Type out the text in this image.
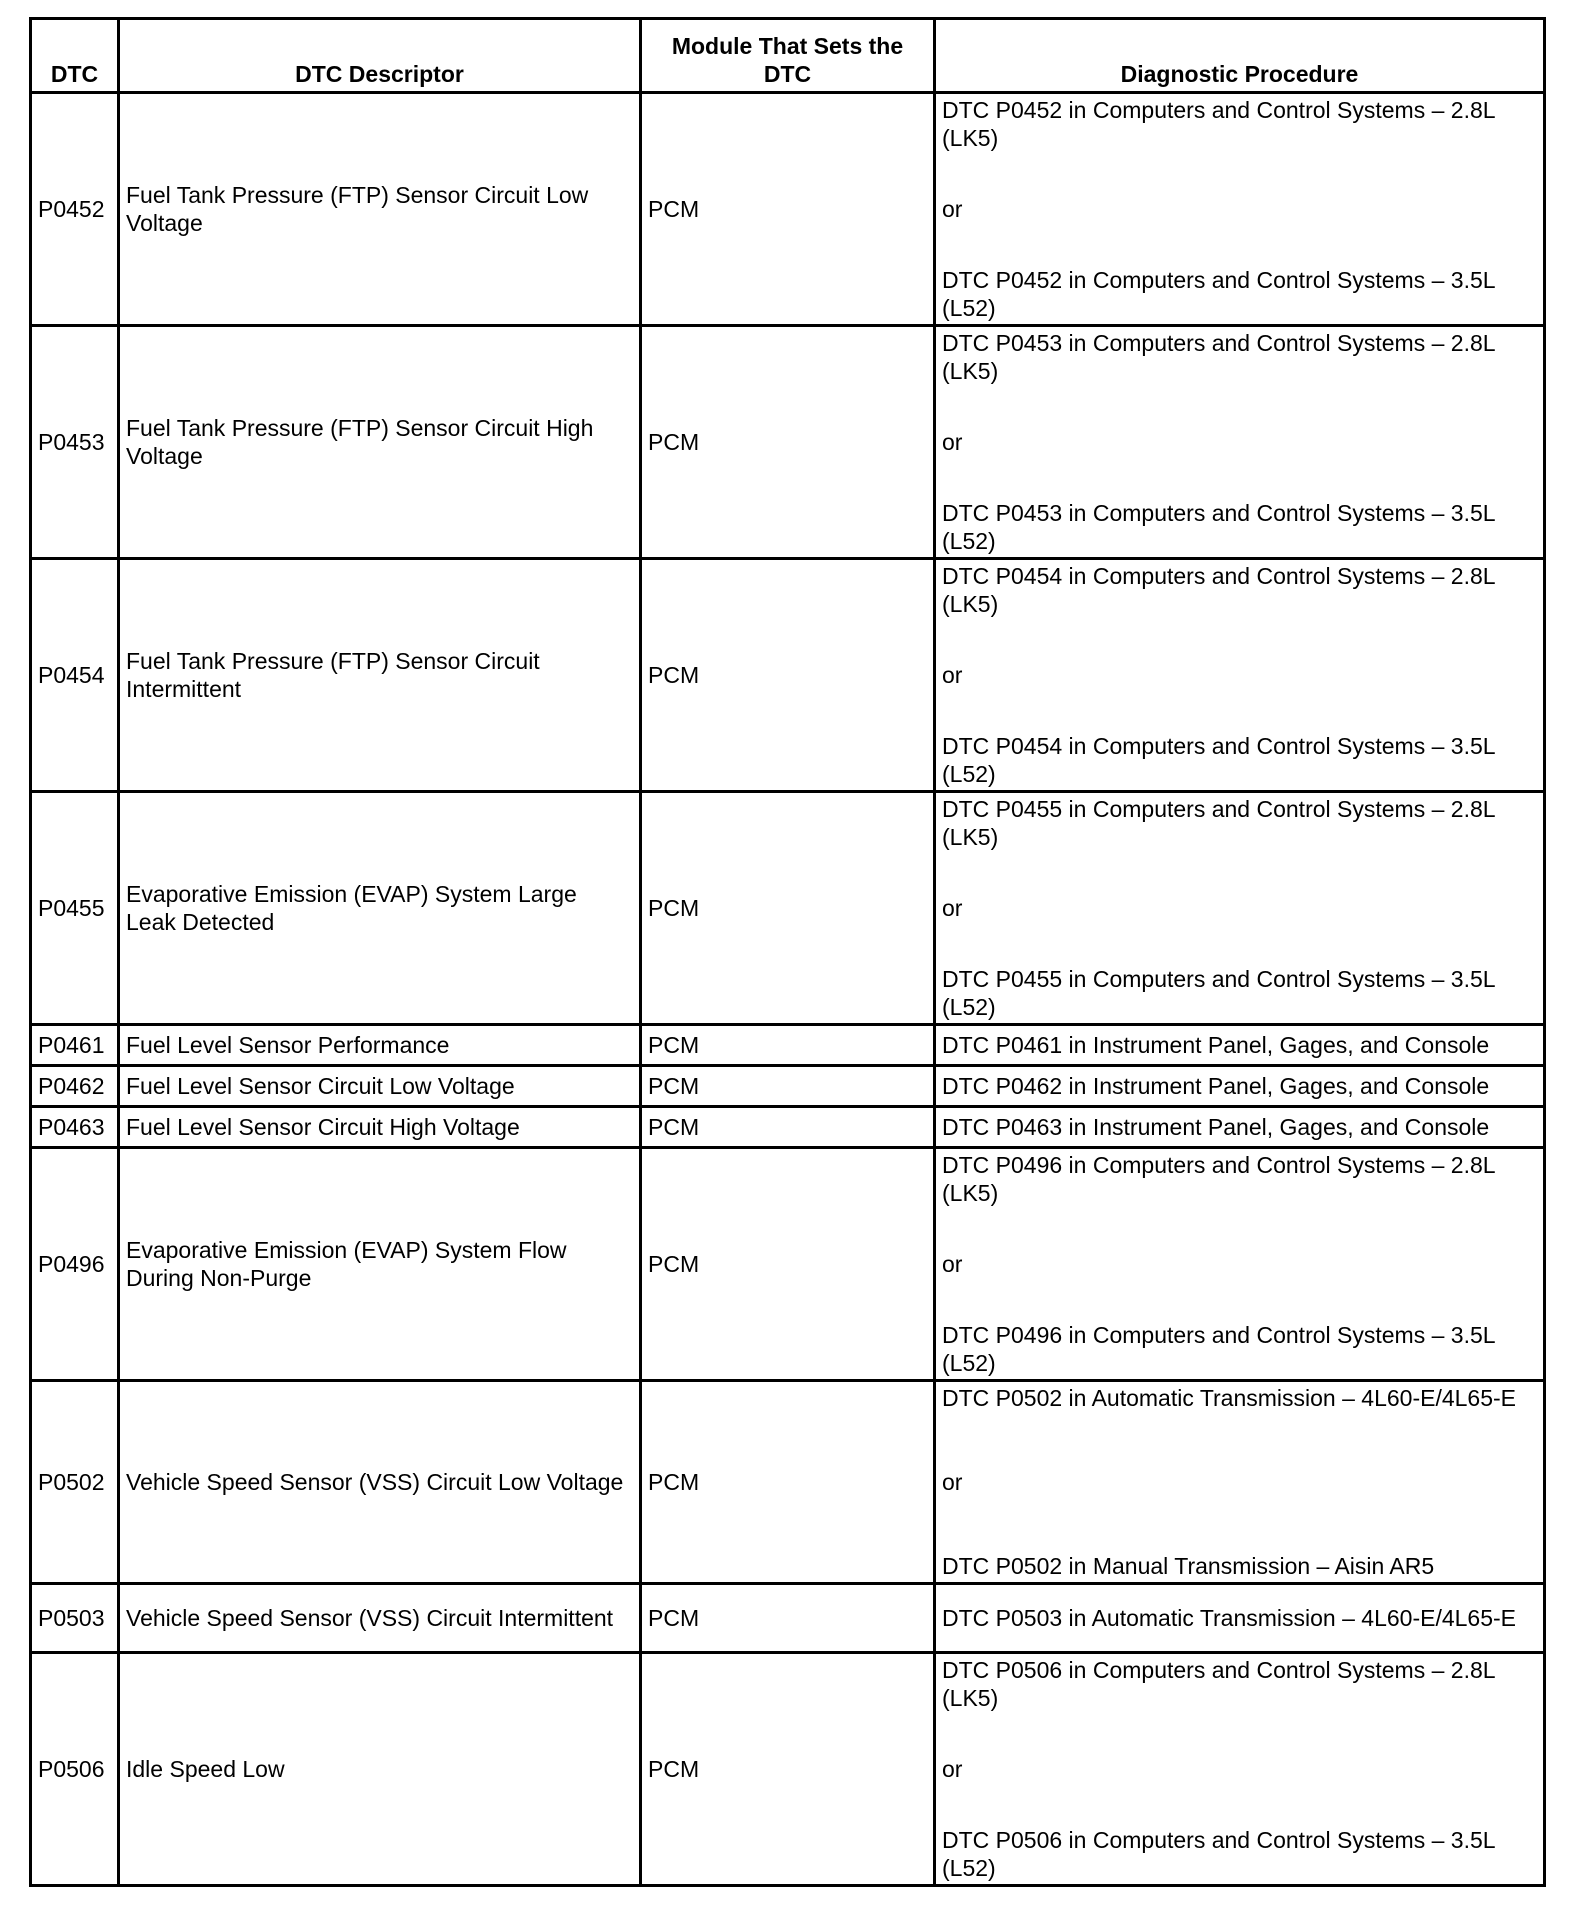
DTC	DTC Descriptor	Module That Sets the DTC	Diagnostic Procedure
P0452	Fuel Tank Pressure (FTP) Sensor Circuit Low Voltage	PCM	DTC P0452 in Computers and Control Systems – 2.8L (LK5)
or
DTC P0452 in Computers and Control Systems – 3.5L (L52)

P0453	Fuel Tank Pressure (FTP) Sensor Circuit High Voltage	PCM	DTC P0453 in Computers and Control Systems – 2.8L (LK5)
or
DTC P0453 in Computers and Control Systems – 3.5L (L52)

P0454	Fuel Tank Pressure (FTP) Sensor Circuit Intermittent	PCM	DTC P0454 in Computers and Control Systems – 2.8L (LK5)
or
DTC P0454 in Computers and Control Systems – 3.5L (L52)

P0455	Evaporative Emission (EVAP) System Large Leak Detected	PCM	DTC P0455 in Computers and Control Systems – 2.8L (LK5)
or
DTC P0455 in Computers and Control Systems – 3.5L (L52)

P0461	Fuel Level Sensor Performance	PCM	DTC P0461 in Instrument Panel, Gages, and Console

P0462	Fuel Level Sensor Circuit Low Voltage	PCM	DTC P0462 in Instrument Panel, Gages, and Console

P0463	Fuel Level Sensor Circuit High Voltage	PCM	DTC P0463 in Instrument Panel, Gages, and Console

P0496	Evaporative Emission (EVAP) System Flow During Non-Purge	PCM	DTC P0496 in Computers and Control Systems – 2.8L (LK5)
or
DTC P0496 in Computers and Control Systems – 3.5L (L52)

P0502	Vehicle Speed Sensor (VSS) Circuit Low Voltage	PCM	DTC P0502 in Automatic Transmission – 4L60-E/4L65-E
or
DTC P0502 in Manual Transmission – Aisin AR5

P0503	Vehicle Speed Sensor (VSS) Circuit Intermittent	PCM	DTC P0503 in Automatic Transmission – 4L60-E/4L65-E

P0506	Idle Speed Low	PCM	DTC P0506 in Computers and Control Systems – 2.8L (LK5)
or
DTC P0506 in Computers and Control Systems – 3.5L (L52)
